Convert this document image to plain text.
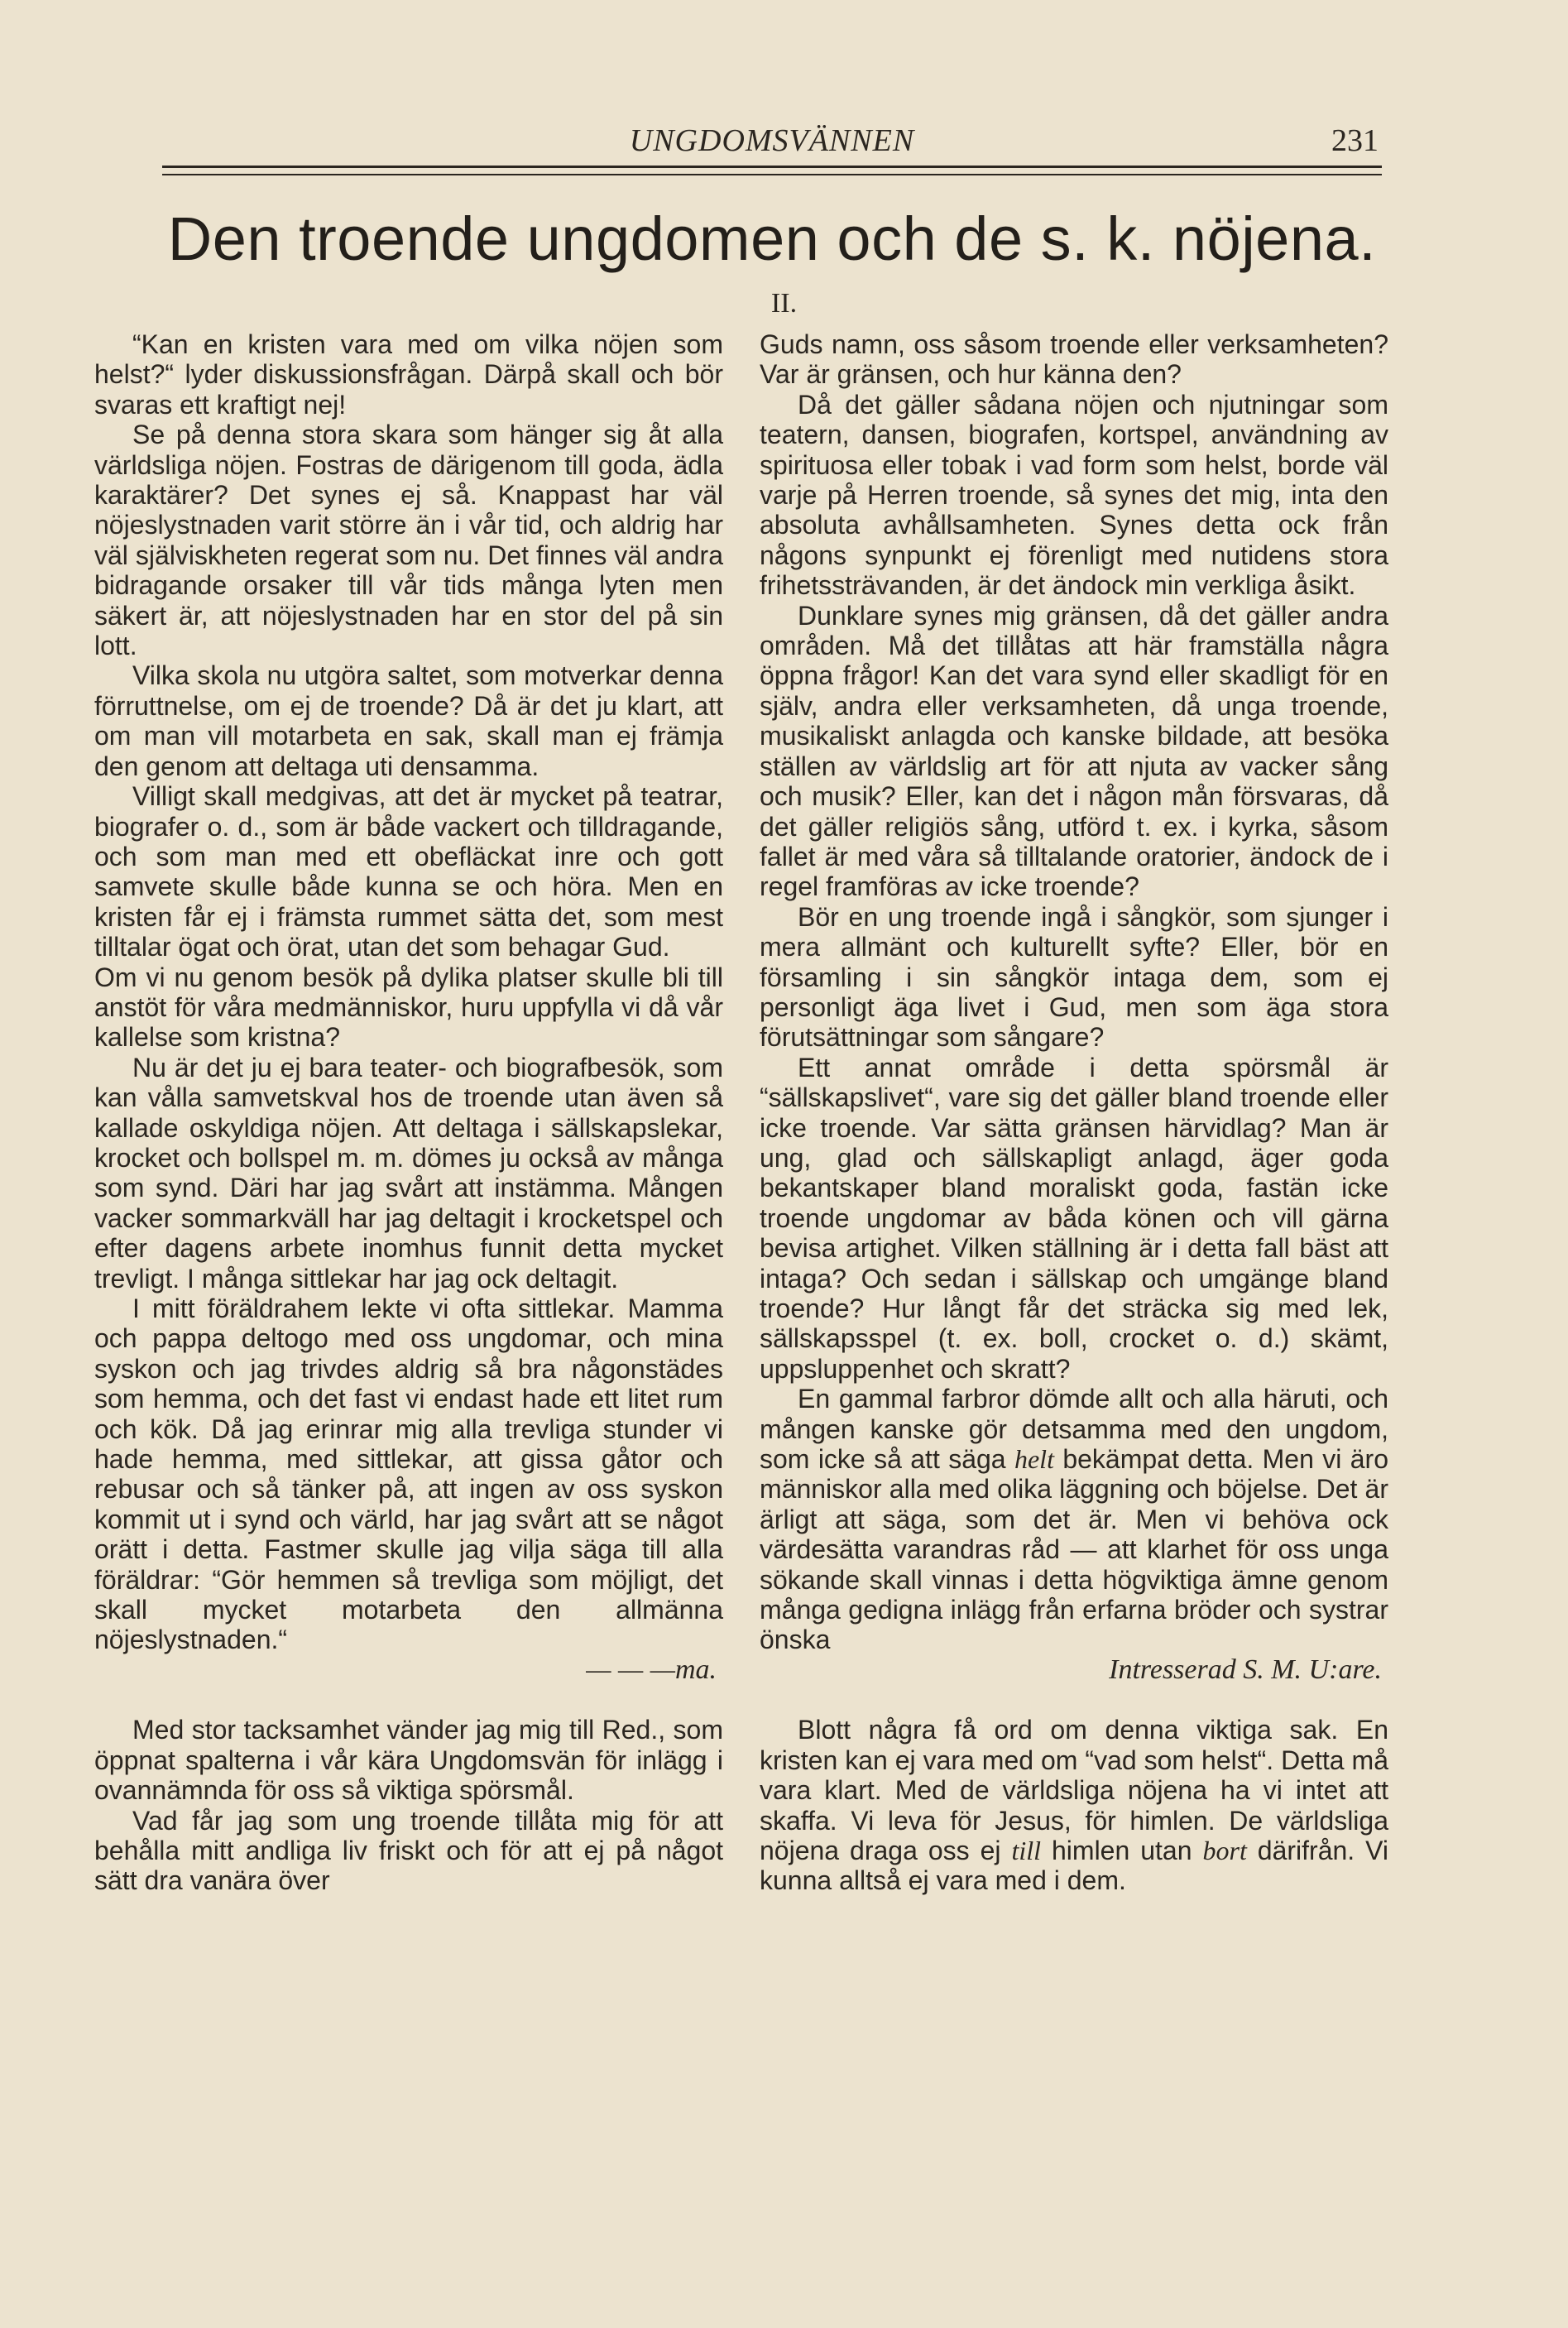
UNGDOMSVÄNNEN	231
Den troende ungdomen och de s. k. nöjena.
II.

“Kan en kristen vara med om vilka nöjen som helst?“ lyder diskussionsfrågan. Därpå skall och bör svaras ett kraftigt nej!

Se på denna stora skara som hänger sig åt alla världsliga nöjen. Fostras de därigenom till goda, ädla karaktärer? Det synes ej så. Knappast har väl nöjeslystnaden varit större än i vår tid, och aldrig har väl själviskheten regerat som nu. Det finnes väl andra bidragande orsaker till vår tids många lyten men säkert är, att nöjeslystnaden har en stor del på sin lott.

Vilka skola nu utgöra saltet, som motverkar denna förruttnelse, om ej de troende? Då är det ju klart, att om man vill motarbeta en sak, skall man ej främja den genom att deltaga uti densamma.

Villigt skall medgivas, att det är mycket på teatrar, biografer o. d., som är både vackert och tilldragande, och som man med ett obefläckat inre och gott samvete skulle både kunna se och höra. Men en kristen får ej i främsta rummet sätta det, som mest tilltalar ögat och örat, utan det som behagar Gud.

Om vi nu genom besök på dylika platser skulle bli till anstöt för våra medmänniskor, huru uppfylla vi då vår kallelse som kristna?

Nu är det ju ej bara teater- och biografbesök, som kan vålla samvetskval hos de troende utan även så kallade oskyldiga nöjen. Att deltaga i sällskapslekar, krocket och bollspel m. m. dömes ju också av många som synd. Däri har jag svårt att instämma. Mången vacker sommarkväll har jag deltagit i krocketspel och efter dagens arbete inomhus funnit detta mycket trevligt. I många sittlekar har jag ock deltagit.

I mitt föräldrahem lekte vi ofta sittlekar. Mamma och pappa deltogo med oss ungdomar, och mina syskon och jag trivdes aldrig så bra någonstädes som hemma, och det fast vi endast hade ett litet rum och kök. Då jag erinrar mig alla trevliga stunder vi hade hemma, med sittlekar, att gissa gåtor och rebusar och så tänker på, att ingen av oss syskon kommit ut i synd och värld, har jag svårt att se något orätt i detta. Fastmer skulle jag vilja säga till alla föräldrar: “Gör hemmen så trevliga som möjligt, det skall mycket motarbeta den allmänna nöjeslystnaden.“

— — —ma.

Med stor tacksamhet vänder jag mig till Red., som öppnat spalterna i vår kära Ungdomsvän för inlägg i ovannämnda för oss så viktiga spörsmål.

Vad får jag som ung troende tillåta mig för att behålla mitt andliga liv friskt och för att ej på något sätt dra vanära över

Guds namn, oss såsom troende eller verksamheten? Var är gränsen, och hur känna den?

Då det gäller sådana nöjen och njutningar som teatern, dansen, biografen, kortspel, användning av spirituosa eller tobak i vad form som helst, borde väl varje på Herren troende, så synes det mig, inta den absoluta avhållsamheten. Synes detta ock från någons synpunkt ej förenligt med nutidens stora frihetssträvanden, är det ändock min verkliga åsikt.

Dunklare synes mig gränsen, då det gäller andra områden. Må det tillåtas att här framställa några öppna frågor! Kan det vara synd eller skadligt för en själv, andra eller verksamheten, då unga troende, musikaliskt anlagda och kanske bildade, att besöka ställen av världslig art för att njuta av vacker sång och musik? Eller, kan det i någon mån försvaras, då det gäller religiös sång, utförd t. ex. i kyrka, såsom fallet är med våra så tilltalande oratorier, ändock de i regel framföras av icke troende?

Bör en ung troende ingå i sångkör, som sjunger i mera allmänt och kulturellt syfte? Eller, bör en församling i sin sångkör intaga dem, som ej personligt äga livet i Gud, men som äga stora förutsättningar som sångare?

Ett annat område i detta spörsmål är “sällskapslivet“, vare sig det gäller bland troende eller icke troende. Var sätta gränsen härvidlag? Man är ung, glad och sällskapligt anlagd, äger goda bekantskaper bland moraliskt goda, fastän icke troende ungdomar av båda könen och vill gärna bevisa artighet. Vilken ställning är i detta fall bäst att intaga? Och sedan i sällskap och umgänge bland troende? Hur långt får det sträcka sig med lek, sällskapsspel (t. ex. boll, crocket o. d.) skämt, uppsluppenhet och skratt?

En gammal farbror dömde allt och alla häruti, och mången kanske gör detsamma med den ungdom, som icke så att säga helt bekämpat detta. Men vi äro människor alla med olika läggning och böjelse. Det är ärligt att säga, som det är. Men vi behöva ock värdesätta varandras råd — att klarhet för oss unga sökande skall vinnas i detta högviktiga ämne genom många gedigna inlägg från erfarna bröder och systrar önska

Intresserad S. M. U:are.

Blott några få ord om denna viktiga sak. En kristen kan ej vara med om “vad som helst“. Detta må vara klart. Med de världsliga nöjena ha vi intet att skaffa. Vi leva för Jesus, för himlen. De världsliga nöjena draga oss ej till himlen utan bort därifrån. Vi kunna alltså ej vara med i dem.
